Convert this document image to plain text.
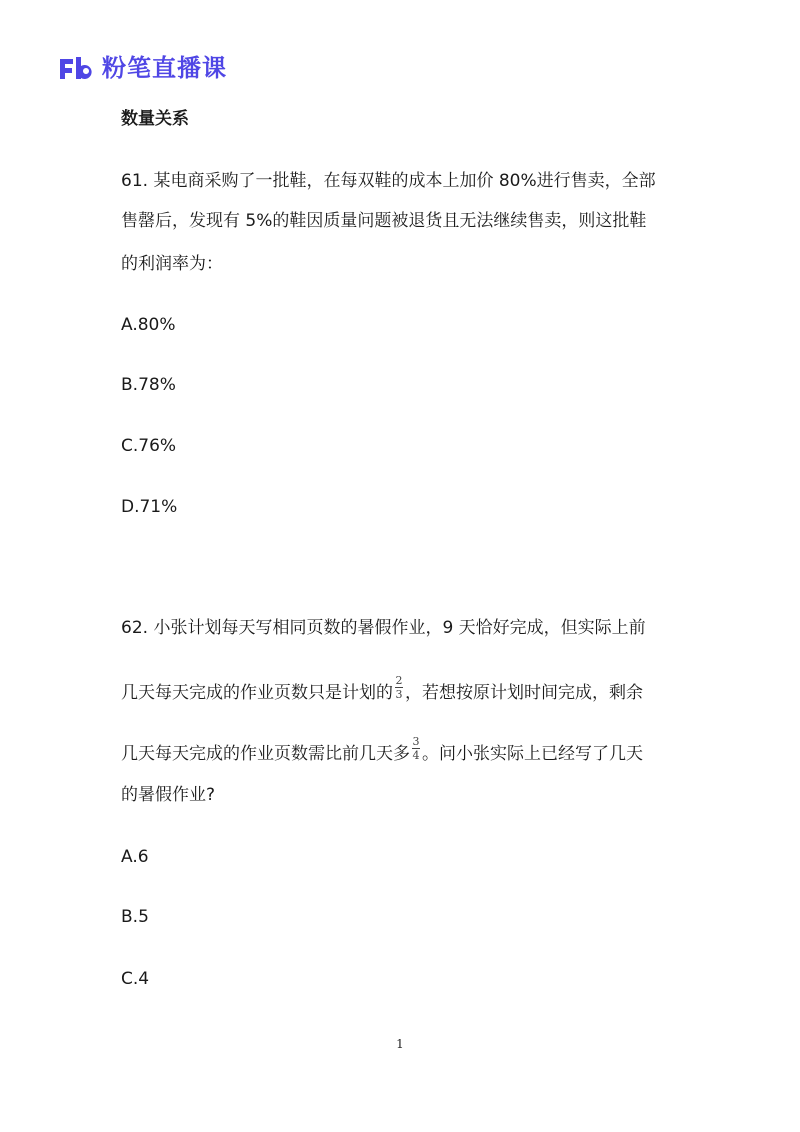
粉笔直播课
数量关系
61. 某电商采购了一批鞋，在每双鞋的成本上加价 80%进行售卖，全部
售罄后，发现有 5%的鞋因质量问题被退货且无法继续售卖，则这批鞋
的利润率为：
A.80%
B.78%
C.76%
D.71%
62. 小张计划每天写相同页数的暑假作业，9 天恰好完成，但实际上前
几天每天完成的作业页数只是计划的 $\frac{2}{3}$ ，若想按原计划时间完成，剩余
几天每天完成的作业页数需比前几天多 $\frac{3}{4}$ 。问小张实际上已经写了几天
的暑假作业?
A.6
B.5
C.4
1
